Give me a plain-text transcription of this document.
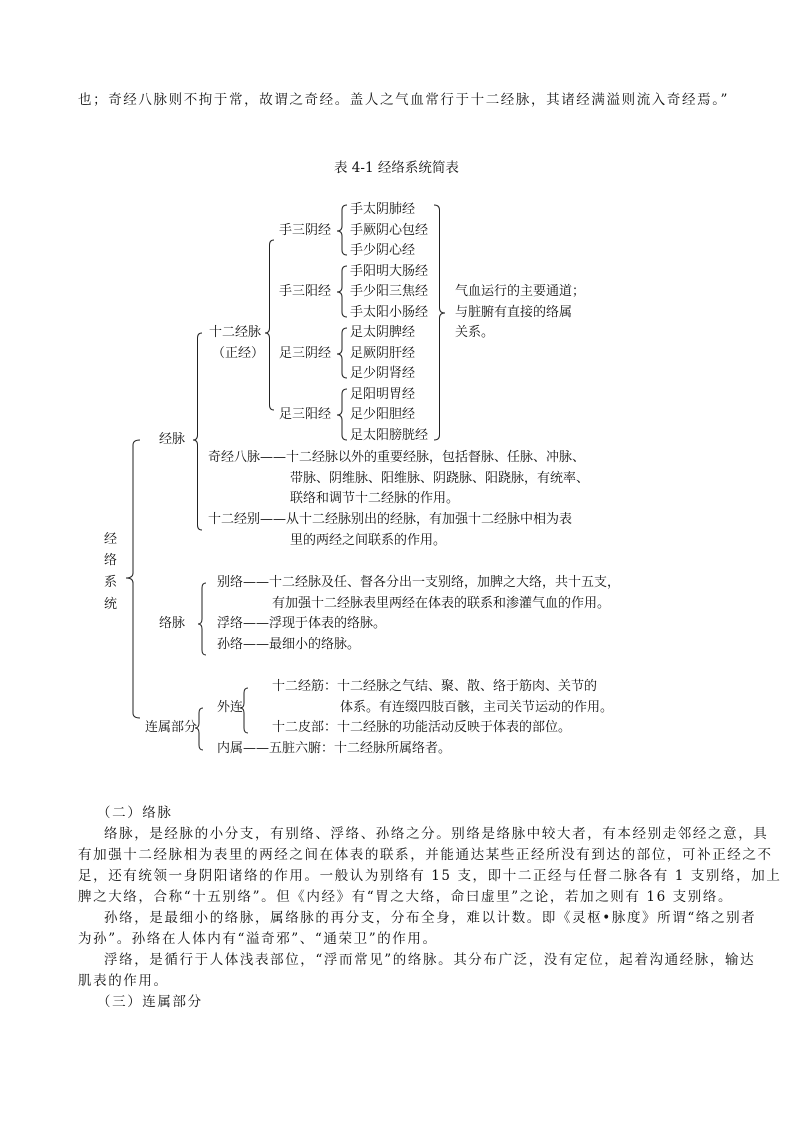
也；奇经八脉则不拘于常，故谓之奇经。盖人之气血常行于十二经脉，其诸经满溢则流入奇经焉。”
表 4-1 经络系统简表
经
络
系
统
经脉
十二经脉
（正经）
手三阴经
手三阳经
足三阴经
足三阳经
手太阴肺经
手厥阴心包经
手少阴心经
手阳明大肠经
手少阳三焦经
手太阳小肠经
足太阴脾经
足厥阴肝经
足少阴肾经
足阳明胃经
足少阳胆经
足太阳膀胱经
气血运行的主要通道；
与脏腑有直接的络属
关系。
奇经八脉——十二经脉以外的重要经脉，包括督脉、任脉、冲脉、
带脉、阴维脉、阳维脉、阴跷脉、阳跷脉，有统率、
联络和调节十二经脉的作用。
十二经别——从十二经脉别出的经脉，有加强十二经脉中相为表
里的两经之间联系的作用。
络脉
别络——十二经脉及任、督各分出一支别络，加脾之大络，共十五支，
有加强十二经脉表里两经在体表的联系和渗灌气血的作用。
浮络——浮现于体表的络脉。
孙络——最细小的络脉。
连属部分
外连
十二经筋：十二经脉之气结、聚、散、络于筋肉、关节的
体系。有连缀四肢百骸，主司关节运动的作用。
十二皮部：十二经脉的功能活动反映于体表的部位。
内属——五脏六腑：十二经脉所属络者。
（二）络脉
络脉，是经脉的小分支，有别络、浮络、孙络之分。别络是络脉中较大者，有本经别走邻经之意，具
有加强十二经脉相为表里的两经之间在体表的联系，并能通达某些正经所没有到达的部位，可补正经之不
足，还有统领一身阴阳诸络的作用。一般认为别络有 15 支，即十二正经与任督二脉各有 1 支别络，加上
脾之大络，合称“十五别络”。但《内经》有“胃之大络，命曰虚里”之论，若加之则有 16 支别络。
孙络，是最细小的络脉，属络脉的再分支，分布全身，难以计数。即《灵枢•脉度》所谓“络之别者
为孙”。孙络在人体内有“溢奇邪”、“通荣卫”的作用。
浮络，是循行于人体浅表部位，“浮而常见”的络脉。其分布广泛，没有定位，起着沟通经脉，输达
肌表的作用。
（三）连属部分
